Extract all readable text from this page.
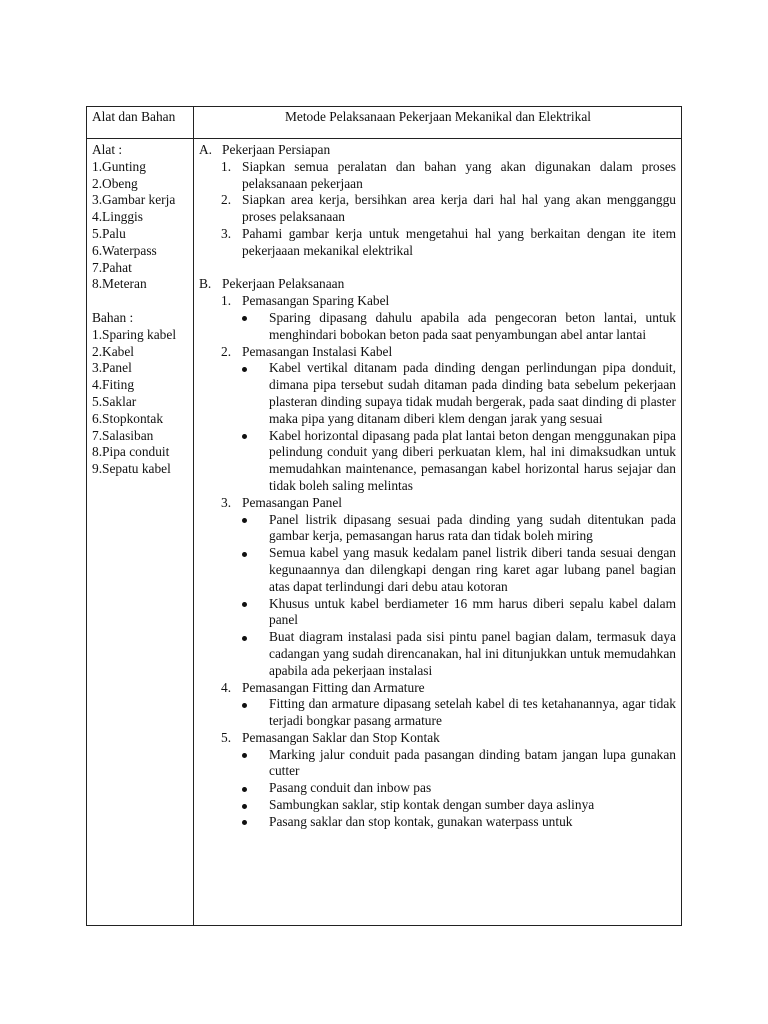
Alat dan Bahan	Metode Pelaksanaan Pekerjaan Mekanikal dan Elektrikal
Alat :
1.Gunting
2.Obeng
3.Gambar kerja
4.Linggis
5.Palu
6.Waterpass
7.Pahat
8.Meteran
Bahan :
1.Sparing kabel
2.Kabel
3.Panel
4.Fiting
5.Saklar
6.Stopkontak
7.Salasiban
8.Pipa conduit
9.Sepatu kabel
A. Pekerjaan Persiapan
1. Siapkan semua peralatan dan bahan yang akan digunakan dalam proses pelaksanaan pekerjaan
2. Siapkan area kerja, bersihkan area kerja dari hal hal yang akan mengganggu proses pelaksanaan
3. Pahami gambar kerja untuk mengetahui hal yang berkaitan dengan ite item pekerjaaan mekanikal elektrikal
B. Pekerjaan Pelaksanaan
1. Pemasangan Sparing Kabel
Sparing dipasang dahulu apabila ada pengecoran beton lantai, untuk menghindari bobokan beton pada saat penyambungan abel antar lantai
2. Pemasangan Instalasi Kabel
Kabel vertikal ditanam pada dinding dengan perlindungan pipa donduit, dimana pipa tersebut sudah ditaman pada dinding bata sebelum pekerjaan plasteran dinding supaya tidak mudah bergerak, pada saat dinding di plaster maka pipa yang ditanam diberi klem dengan jarak yang sesuai
Kabel horizontal dipasang pada plat lantai beton dengan menggunakan pipa pelindung conduit yang diberi perkuatan klem, hal ini dimaksudkan untuk memudahkan maintenance, pemasangan kabel horizontal harus sejajar dan tidak boleh saling melintas
3. Pemasangan Panel
Panel listrik dipasang sesuai pada dinding yang sudah ditentukan pada gambar kerja, pemasangan harus rata dan tidak boleh miring
Semua kabel yang masuk kedalam panel listrik diberi tanda sesuai dengan kegunaannya dan dilengkapi dengan ring karet agar lubang panel bagian atas dapat terlindungi dari debu atau kotoran
Khusus untuk kabel berdiameter 16 mm harus diberi sepalu kabel dalam panel
Buat diagram instalasi pada sisi pintu panel bagian dalam, termasuk daya cadangan yang sudah direncanakan, hal ini ditunjukkan untuk memudahkan apabila ada pekerjaan instalasi
4. Pemasangan Fitting dan Armature
Fitting dan armature dipasang setelah kabel di tes ketahanannya, agar tidak terjadi bongkar pasang armature
5. Pemasangan Saklar dan Stop Kontak
Marking jalur conduit pada pasangan dinding batam jangan lupa gunakan cutter
Pasang conduit dan inbow pas
Sambungkan saklar, stip kontak dengan sumber daya aslinya
Pasang saklar dan stop kontak, gunakan waterpass untuk
